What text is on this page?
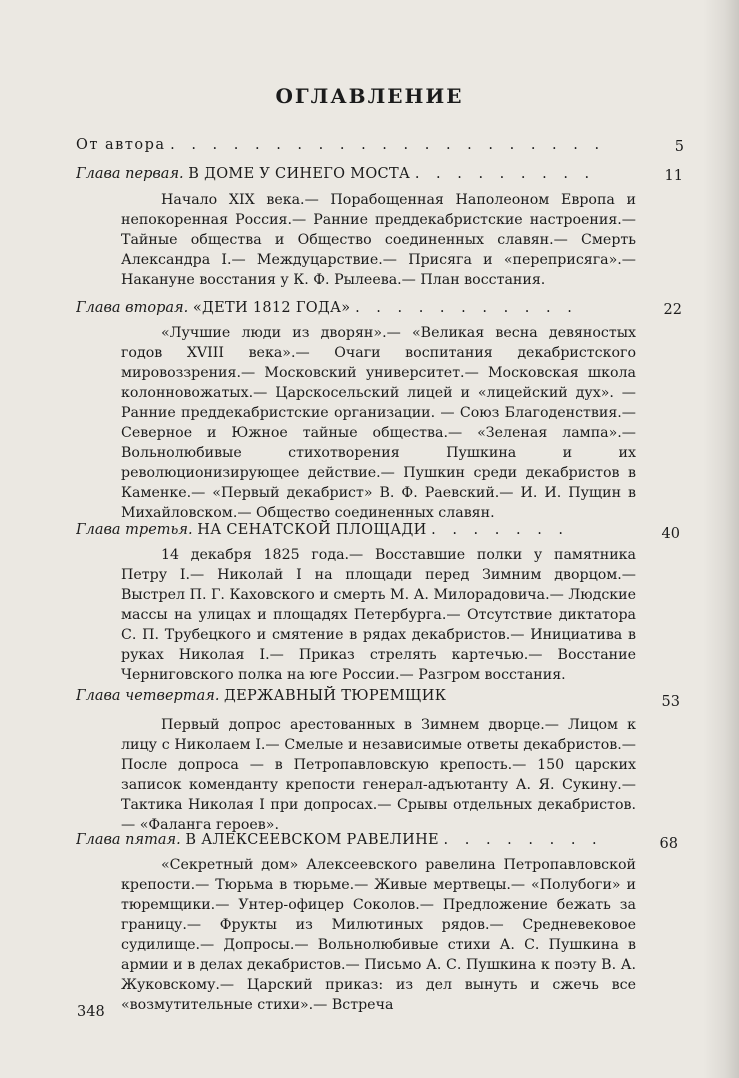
ОГЛАВЛЕНИЕ
От автора . . . . . . . . . . . . . . . . . . . . .	5
Глава первая. В ДОМЕ У СИНЕГО МОСТА . . . . . . . . .	11

Начало XIX века.— Порабощенная Наполеоном Европа и непокоренная Россия.— Ранние преддекабристские настроения.— Тайные общества и Общество соединенных славян.— Смерть Александра I.— Междуцарствие.— Присяга и «переприсяга».— Накануне восстания у К. Ф. Рылеева.— План восстания.

Глава вторая. «ДЕТИ 1812 ГОДА» . . . . . . . . . . .	22

«Лучшие люди из дворян».— «Великая весна девяностых годов XVIII века».— Очаги воспитания декабристского мировоззрения.— Московский университет.— Московская школа колонновожатых.— Царскосельский лицей и «лицейский дух». — Ранние преддекабристские организации. — Союз Благоденствия.— Северное и Южное тайные общества.— «Зеленая лампа».— Вольнолюбивые стихотворения Пушкина и их революционизирующее действие.— Пушкин среди декабристов в Каменке.— «Первый декабрист» В. Ф. Раевский.— И. И. Пущин в Михайловском.— Общество соединенных славян.

Глава третья. НА СЕНАТСКОЙ ПЛОЩАДИ . . . . . . .	40

14 декабря 1825 года.— Восставшие полки у памятника Петру I.— Николай I на площади перед Зимним дворцом.— Выстрел П. Г. Каховского и смерть М. А. Милорадовича.— Людские массы на улицах и площадях Петербурга.— Отсутствие диктатора С. П. Трубецкого и смятение в рядах декабристов.— Инициатива в руках Николая I.— Приказ стрелять картечью.— Восстание Черниговского полка на юге России.— Разгром восстания.

Глава четвертая. ДЕРЖАВНЫЙ ТЮРЕМЩИК	53

Первый допрос арестованных в Зимнем дворце.— Лицом к лицу с Николаем I.— Смелые и независимые ответы декабристов.— После допроса — в Петропавловскую крепость.— 150 царских записок коменданту крепости генерал-адъютанту А. Я. Сукину.— Тактика Николая I при допросах.— Срывы отдельных декабристов.— «Фаланга героев».

Глава пятая. В АЛЕКСЕЕВСКОМ РАВЕЛИНЕ . . . . . . . .	68

«Секретный дом» Алексеевского равелина Петропавловской крепости.— Тюрьма в тюрьме.— Живые мертвецы.— «Полубоги» и тюремщики.— Унтер-офицер Соколов.— Предложение бежать за границу.— Фрукты из Милютиных рядов.— Средневековое судилище.— Допросы.— Вольнолюбивые стихи А. С. Пушкина в армии и в делах декабристов.— Письмо А. С. Пушкина к поэту В. А. Жуковскому.— Царский приказ: из дел вынуть и сжечь все «возмутительные стихи».— Встреча

348
